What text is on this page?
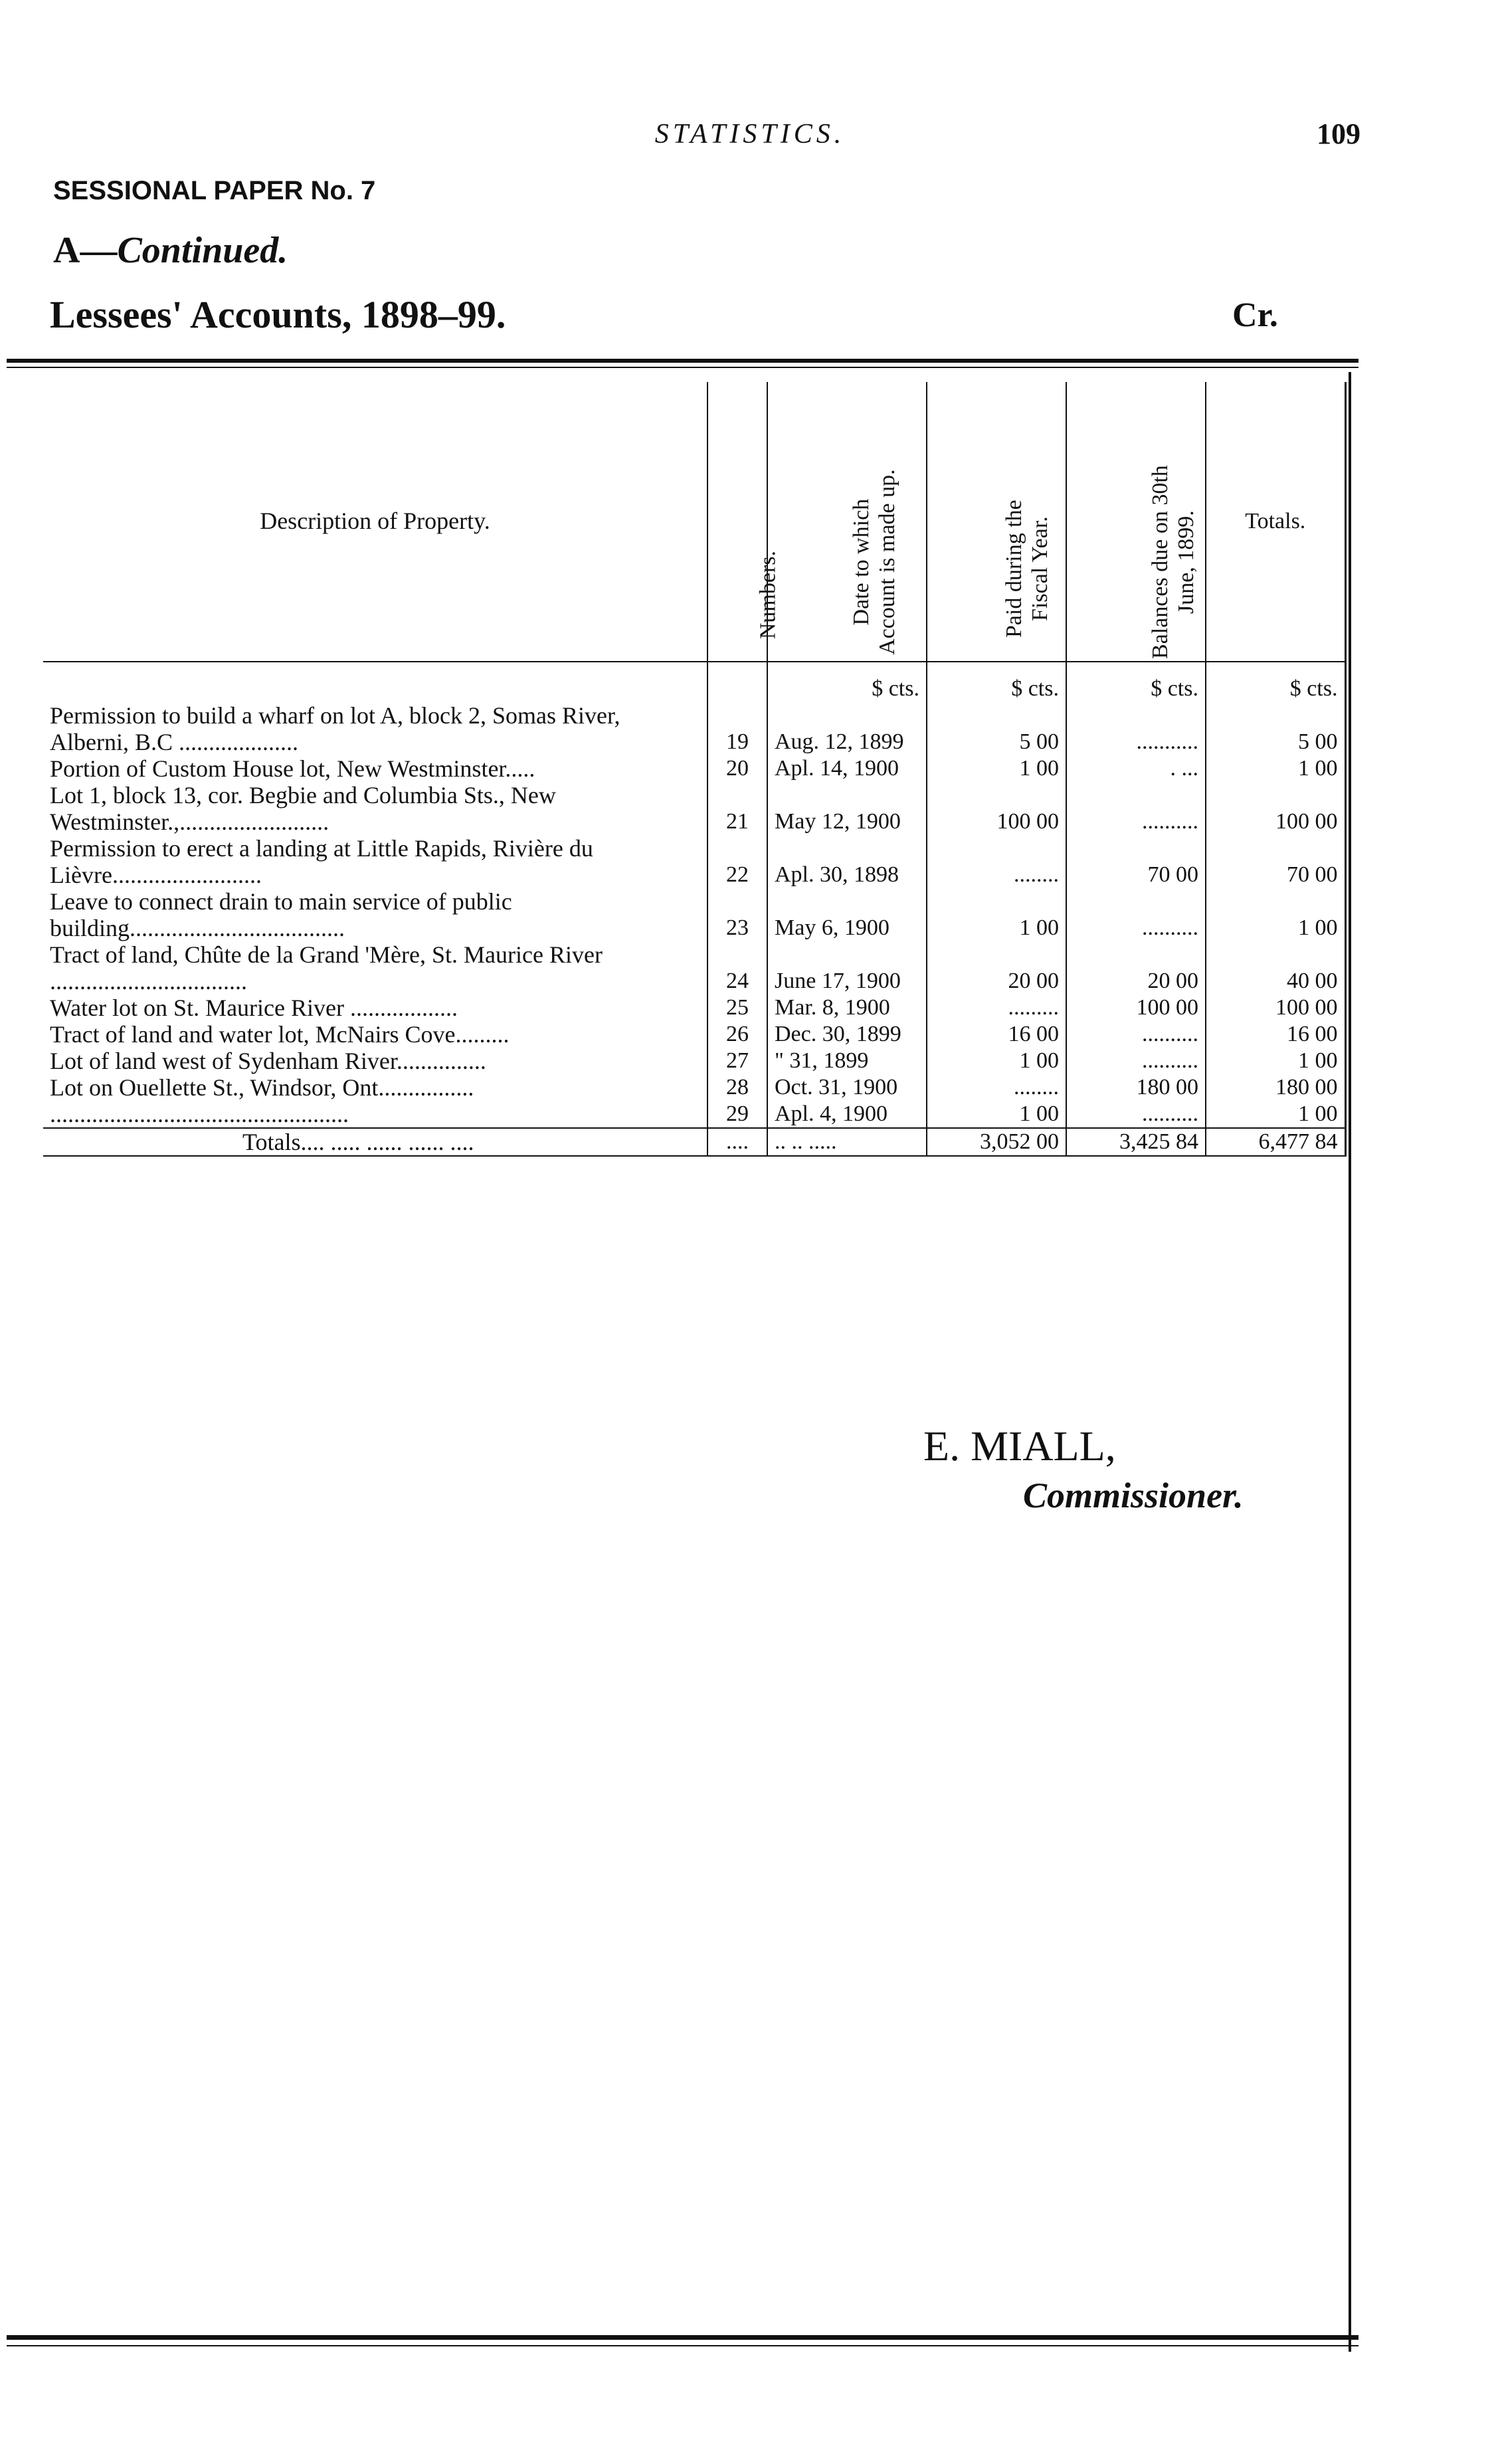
STATISTICS.	109
SESSIONAL PAPER No. 7
A—Continued.
Lessees' Accounts, 1898–99.	Cr.
Description of Property.	Numbers.	Date to which Account is made up.	Paid during the Fiscal Year.	Balances due on 30th June, 1899.	Totals.
		$ cts.	$ cts.	$ cts.	$ cts.
Permission to build a wharf on lot A, block 2, Somas River, Alberni, B.C ....................	19	Aug. 12, 1899	5 00	...........	5 00
Portion of Custom House lot, New Westminster.....	20	Apl. 14, 1900	1 00	. ...	1 00
Lot 1, block 13, cor. Begbie and Columbia Sts., New Westminster.,.........................	21	May 12, 1900	100 00	..........	100 00
Permission to erect a landing at Little Rapids, Rivière du Lièvre.........................	22	Apl. 30, 1898	........	70 00	70 00
Leave to connect drain to main service of public building....................................	23	May 6, 1900	1 00	..........	1 00
Tract of land, Chûte de la Grand 'Mère, St. Maurice River .................................	24	June 17, 1900	20 00	20 00	40 00
Water lot on St. Maurice River ..................	25	Mar. 8, 1900	.........	100 00	100 00
Tract of land and water lot, McNairs Cove.........	26	Dec. 30, 1899	16 00	..........	16 00
Lot of land west of Sydenham River...............	27	" 31, 1899	1 00	..........	1 00
Lot on Ouellette St., Windsor, Ont................	28	Oct. 31, 1900	........	180 00	180 00
..................................................	29	Apl. 4, 1900	1 00	..........	1 00
Totals.... ..... ...... ...... ....	....	.. .. .....	3,052 00	3,425 84	6,477 84
E. MIALL,
Commissioner.
